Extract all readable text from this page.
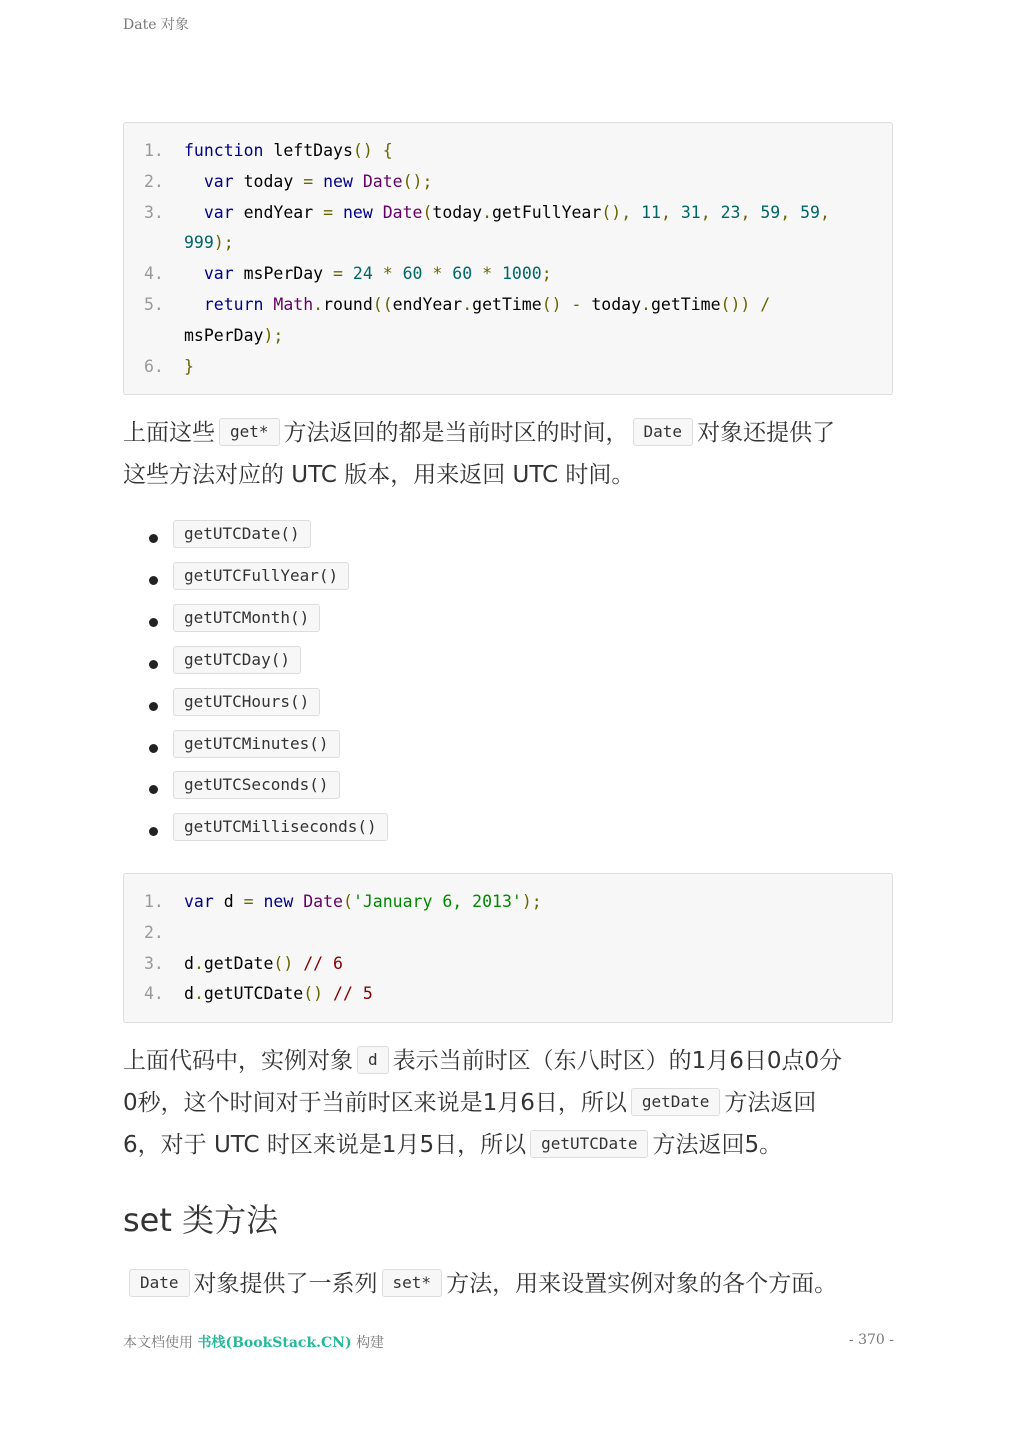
Date 对象
1.	function leftDays() {
2.	var today = new Date();
3.	var endYear = new Date(today.getFullYear(), 11, 31, 23, 59, 59,
999);
4.	var msPerDay = 24 * 60 * 60 * 1000;
5.	return Math.round((endYear.getTime() - today.getTime()) /
msPerDay);
6.	}
上面这些 get* 方法返回的都是当前时区的时间， Date 对象还提供了
这些方法对应的 UTC 版本，用来返回 UTC 时间。
getUTCDate()
getUTCFullYear()
getUTCMonth()
getUTCDay()
getUTCHours()
getUTCMinutes()
getUTCSeconds()
getUTCMilliseconds()
1.	var d = new Date('January 6, 2013');
2.
3.	d.getDate() // 6
4.	d.getUTCDate() // 5
上面代码中，实例对象 d 表示当前时区（东八时区）的1月6日0点0分
0秒，这个时间对于当前时区来说是1月6日，所以 getDate 方法返回
6，对于 UTC 时区来说是1月5日，所以 getUTCDate 方法返回5。
set 类方法
Date 对象提供了一系列 set* 方法，用来设置实例对象的各个方面。
本文档使用 书栈(BookStack.CN) 构建	- 370 -
